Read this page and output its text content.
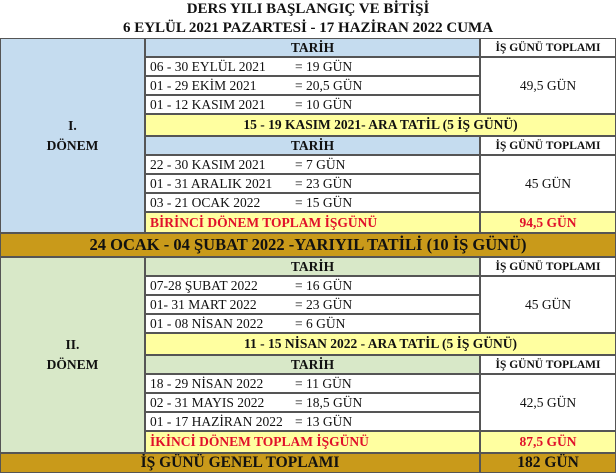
DERS YILI BAŞLANGIÇ VE BİTİŞİ
6 EYLÜL 2021 PAZARTESİ - 17 HAZİRAN 2022 CUMA
I.
DÖNEM
TARİH	İŞ GÜNÜ TOPLAMI
06 - 30 EYLÜL 2021	= 19 GÜN
01 - 29 EKİM 2021	= 20,5 GÜN
01 - 12 KASIM 2021	= 10 GÜN
49,5 GÜN
15 - 19 KASIM 2021- ARA TATİL (5 İŞ GÜNÜ)
TARİH	İŞ GÜNÜ TOPLAMI
22 - 30 KASIM 2021	= 7 GÜN
01 - 31 ARALIK 2021	= 23 GÜN
03 - 21 OCAK 2022	= 15 GÜN
45 GÜN
BİRİNCİ DÖNEM TOPLAM İŞGÜNÜ	94,5 GÜN
24 OCAK - 04 ŞUBAT 2022 -YARIYIL TATİLİ (10 İŞ GÜNÜ)
II.
DÖNEM
TARİH	İŞ GÜNÜ TOPLAMI
07-28 ŞUBAT 2022	= 16 GÜN
01- 31 MART 2022	= 23 GÜN
01 - 08 NİSAN 2022	= 6 GÜN
45 GÜN
11 - 15 NİSAN 2022 - ARA TATİL (5 İŞ GÜNÜ)
TARİH	İŞ GÜNÜ TOPLAMI
18 - 29 NİSAN 2022	= 11 GÜN
02 - 31 MAYIS 2022	= 18,5 GÜN
01 - 17 HAZİRAN 2022 = 13 GÜN
42,5 GÜN
İKİNCİ DÖNEM TOPLAM İŞGÜNÜ	87,5 GÜN
İŞ GÜNÜ GENEL TOPLAMI	182 GÜN
